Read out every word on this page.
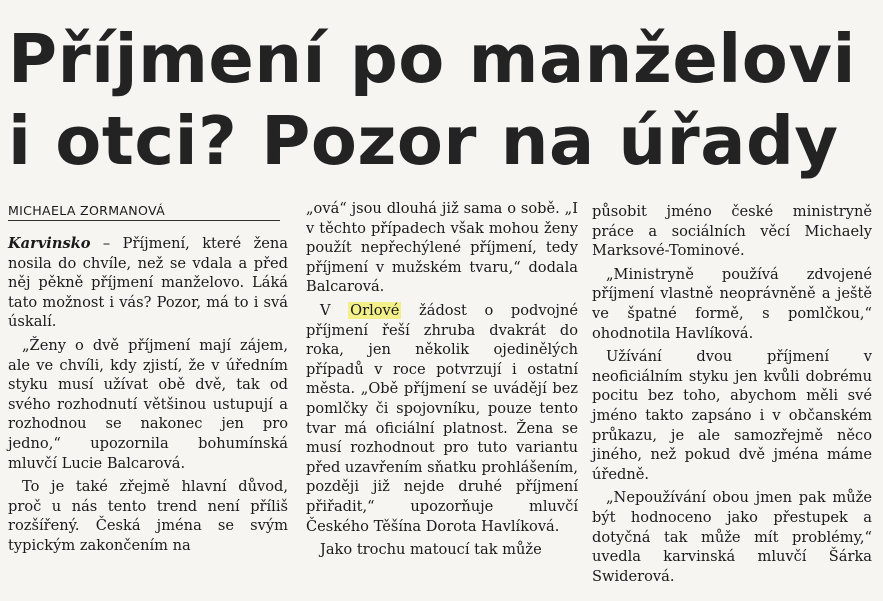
Příjmení po manželovi
i otci? Pozor na úřady
MICHAELA ZORMANOVÁ

Karvinsko – Příjmení, které žena nosila do chvíle, než se vdala a před něj pěkně příjmení manželovo. Láká tato možnost i vás? Pozor, má to i svá úskalí.

„Ženy o dvě příjmení mají zájem, ale ve chvíli, kdy zjistí, že v úředním styku musí užívat obě dvě, tak od svého rozhodnutí většinou ustupují a rozhodnou se nakonec jen pro jedno,“ upozornila bohumínská mluvčí Lucie Balcarová.

To je také zřejmě hlavní důvod, proč u nás tento trend není příliš rozšířený. Česká jména se svým typickým zakončením na

„ová“ jsou dlouhá již sama o sobě. „I v těchto případech však mohou ženy použít nepřechýlené příjmení, tedy příjmení v mužském tvaru,“ dodala Balcarová.

V Orlové žádost o podvojné příjmení řeší zhruba dvakrát do roka, jen několik ojedinělých případů v roce potvrzují i ostatní města. „Obě příjmení se uvádějí bez pomlčky či spojovníku, pouze tento tvar má oficiální platnost. Žena se musí rozhodnout pro tuto variantu před uzavřením sňatku prohlášením, později již nejde druhé příjmení přiřadit,“ upozorňuje mluvčí Českého Těšína Dorota Havlíková.

Jako trochu matoucí tak může

působit jméno české ministryně práce a sociálních věcí Michaely Marksové-Tominové.

„Ministryně používá zdvojené příjmení vlastně neoprávněně a ještě ve špatné formě, s pomlčkou,“ ohodnotila Havlíková.

Užívání dvou příjmení v neoficiálním styku jen kvůli dobrému pocitu bez toho, abychom měli své jméno takto zapsáno i v občanském průkazu, je ale samozřejmě něco jiného, než pokud dvě jména máme úředně.

„Nepoužívání obou jmen pak může být hodnoceno jako přestupek a dotyčná tak může mít problémy,“ uvedla karvinská mluvčí Šárka Swiderová.
